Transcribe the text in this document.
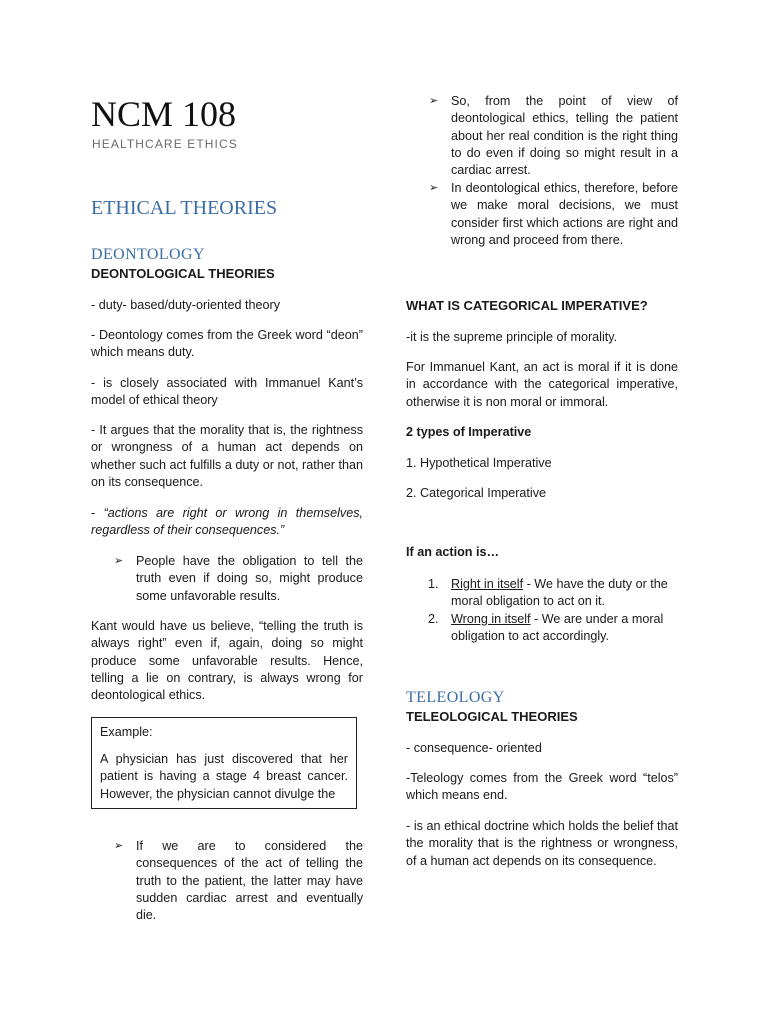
NCM 108
HEALTHCARE ETHICS
ETHICAL THEORIES
DEONTOLOGY
DEONTOLOGICAL THEORIES

- duty- based/duty-oriented theory

- Deontology comes from the Greek word “deon” which means duty.

- is closely associated with Immanuel Kant’s model of ethical theory

- It argues that the morality that is, the rightness or wrongness of a human act depends on whether such act fulfills a duty or not, rather than on its consequence.

- “actions are right or wrong in themselves, regardless of their consequences.”

➢ People have the obligation to tell the truth even if doing so, might produce some unfavorable results.

Kant would have us believe, “telling the truth is always right” even if, again, doing so might produce some unfavorable results. Hence, telling a lie on contrary, is always wrong for deontological ethics.

Example:

A physician has just discovered that her patient is having a stage 4 breast cancer. However, the physician cannot divulge the

➢ If we are to considered the consequences of the act of telling the truth to the patient, the latter may have sudden cardiac arrest and eventually die.

➢ So, from the point of view of deontological ethics, telling the patient about her real condition is the right thing to do even if doing so might result in a cardiac arrest.

➢ In deontological ethics, therefore, before we make moral decisions, we must consider first which actions are right and wrong and proceed from there.

WHAT IS CATEGORICAL IMPERATIVE?

-it is the supreme principle of morality.

For Immanuel Kant, an act is moral if it is done in accordance with the categorical imperative, otherwise it is non moral or immoral.

2 types of Imperative

1. Hypothetical Imperative

2. Categorical Imperative

If an action is…
1. Right in itself - We have the duty or the moral obligation to act on it.

2. Wrong in itself - We are under a moral obligation to act accordingly.

TELEOLOGY
TELEOLOGICAL THEORIES

- consequence- oriented

-Teleology comes from the Greek word “telos” which means end.

- is an ethical doctrine which holds the belief that the morality that is the rightness or wrongness, of a human act depends on its consequence.
